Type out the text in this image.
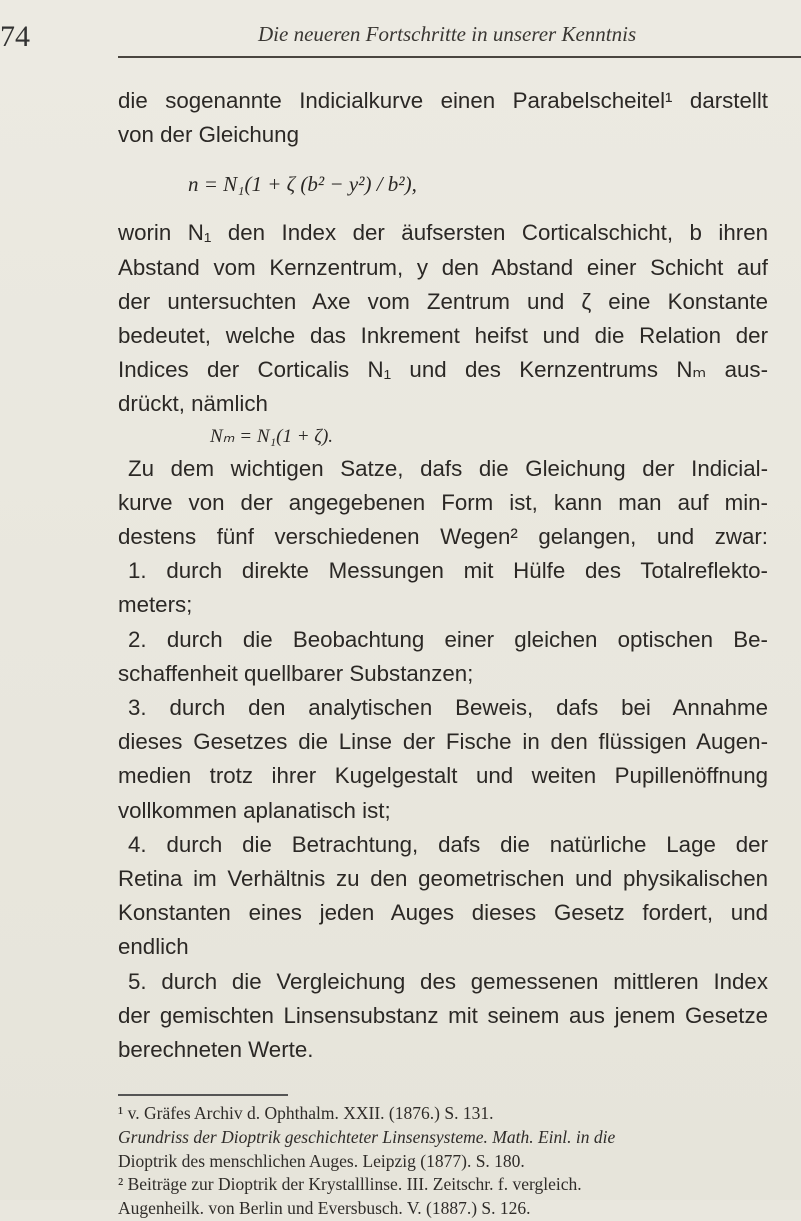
74	Die neueren Fortschritte in unserer Kenntnis
die sogenannte Indicialkurve einen Parabelscheitel¹ darstellt
von der Gleichung
n = N₁(1 + ζ (b² − y²) / b²),
worin N₁ den Index der äufsersten Corticalschicht, b ihren
Abstand vom Kernzentrum, y den Abstand einer Schicht auf
der untersuchten Axe vom Zentrum und ζ eine Konstante
bedeutet, welche das Inkrement heifst und die Relation der
Indices der Corticalis N₁ und des Kernzentrums Nₘ aus-
drückt, nämlich
Nₘ = N₁(1 + ζ).
Zu dem wichtigen Satze, dafs die Gleichung der Indicial-
kurve von der angegebenen Form ist, kann man auf min-
destens fünf verschiedenen Wegen² gelangen, und zwar:
1. durch direkte Messungen mit Hülfe des Totalreflekto-
meters;
2. durch die Beobachtung einer gleichen optischen Be-
schaffenheit quellbarer Substanzen;
3. durch den analytischen Beweis, dafs bei Annahme
dieses Gesetzes die Linse der Fische in den flüssigen Augen-
medien trotz ihrer Kugelgestalt und weiten Pupillenöffnung
vollkommen aplanatisch ist;
4. durch die Betrachtung, dafs die natürliche Lage der
Retina im Verhältnis zu den geometrischen und physikalischen
Konstanten eines jeden Auges dieses Gesetz fordert, und
endlich
5. durch die Vergleichung des gemessenen mittleren Index
der gemischten Linsensubstanz mit seinem aus jenem Gesetze
berechneten Werte.
¹ v. Gräfes Archiv d. Ophthalm. XXII. (1876.) S. 131.
Grundriss der Dioptrik geschichteter Linsensysteme. Math. Einl. in die
Dioptrik des menschlichen Auges. Leipzig (1877). S. 180.
² Beiträge zur Dioptrik der Krystalllinse. III. Zeitschr. f. vergleich.
Augenheilk. von Berlin und Eversbusch. V. (1887.) S. 126.
